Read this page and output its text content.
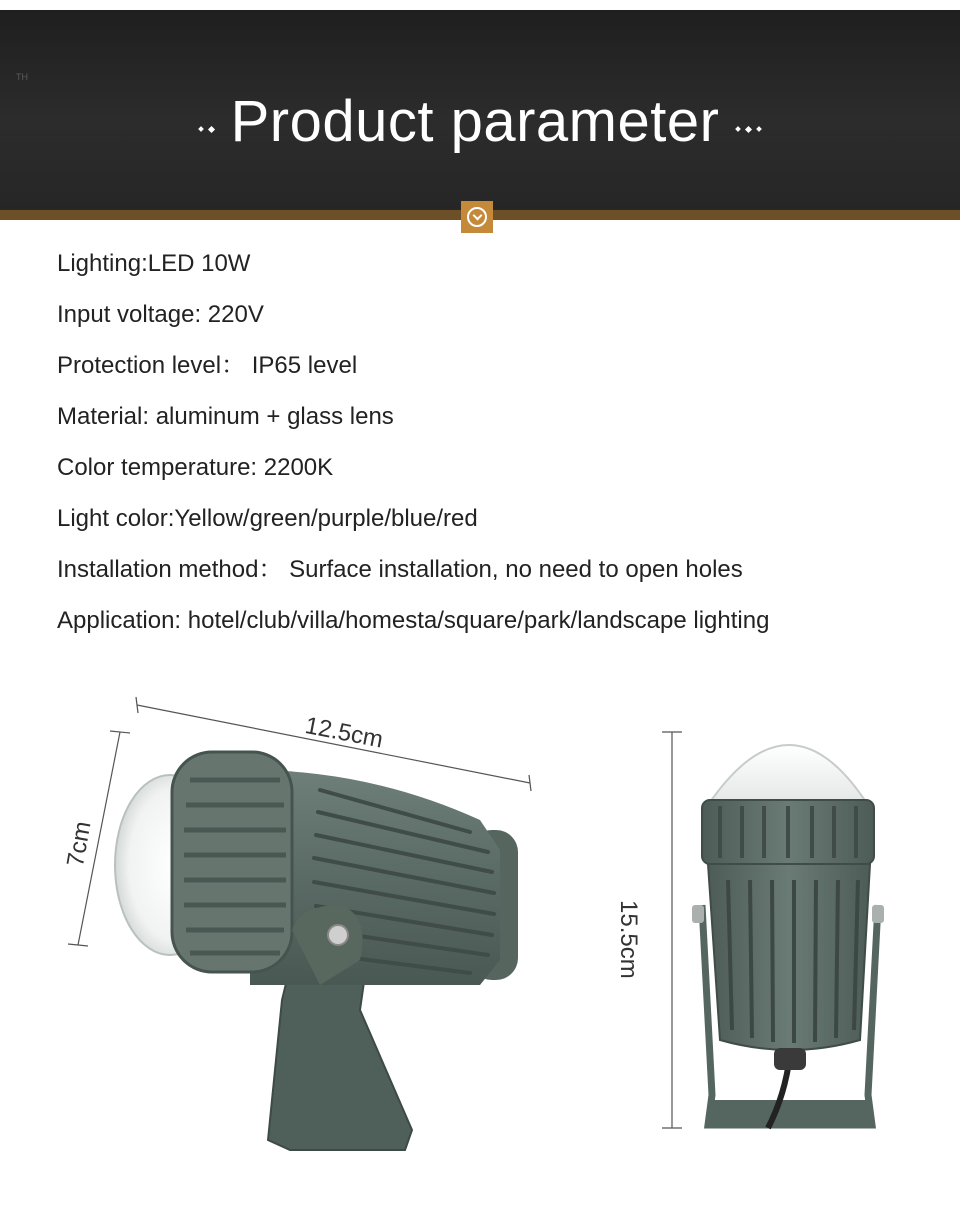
TH
Product parameter
Lighting:LED 10W
Input voltage: 220V
Protection level： IP65 level
Material: aluminum + glass lens
Color temperature: 2200K
Light color:Yellow/green/purple/blue/red
Installation method： Surface installation, no need to open holes
Application: hotel/club/villa/homesta/square/park/landscape lighting
12.5cm
7cm
15.5cm
